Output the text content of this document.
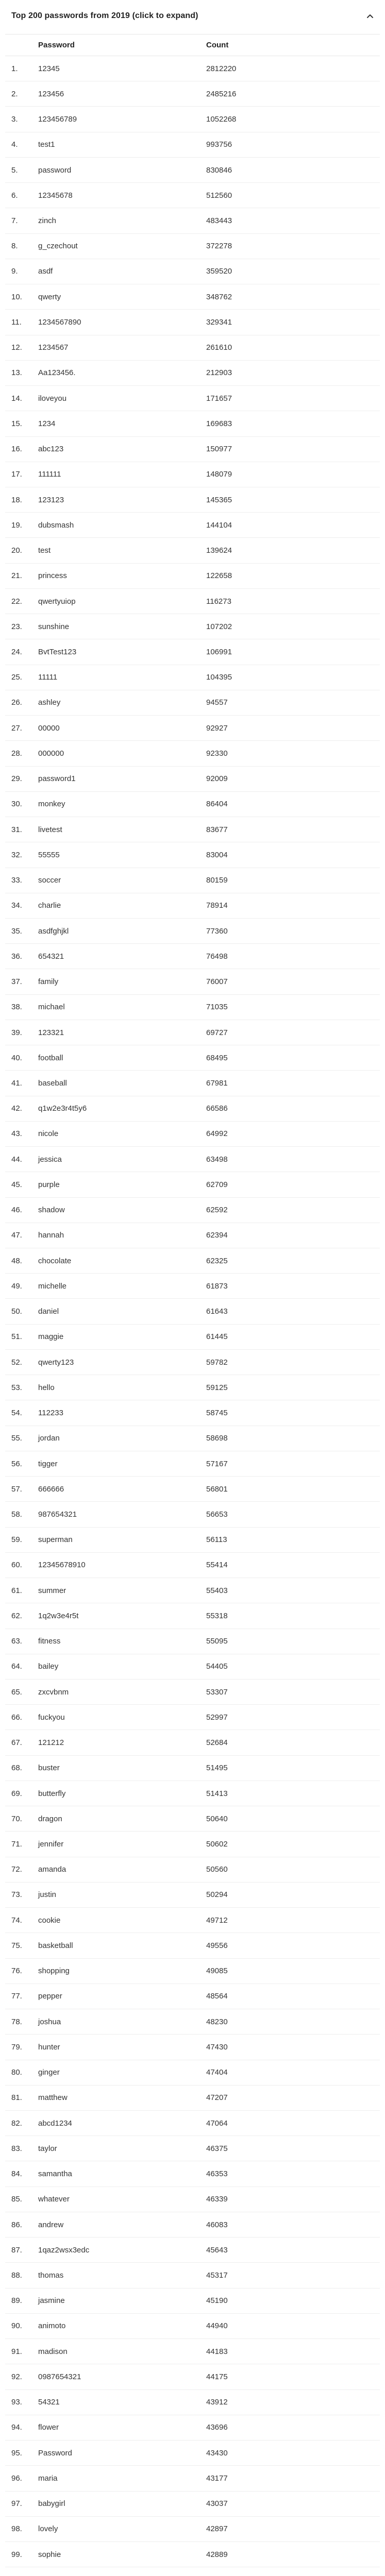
Top 200 passwords from 2019 (click to expand)
Password	Count
1.	12345	2812220
2.	123456	2485216
3.	123456789	1052268
4.	test1	993756
5.	password	830846
6.	12345678	512560
7.	zinch	483443
8.	g_czechout	372278
9.	asdf	359520
10.	qwerty	348762
11.	1234567890	329341
12.	1234567	261610
13.	Aa123456.	212903
14.	iloveyou	171657
15.	1234	169683
16.	abc123	150977
17.	111111	148079
18.	123123	145365
19.	dubsmash	144104
20.	test	139624
21.	princess	122658
22.	qwertyuiop	116273
23.	sunshine	107202
24.	BvtTest123	106991
25.	11111	104395
26.	ashley	94557
27.	00000	92927
28.	000000	92330
29.	password1	92009
30.	monkey	86404
31.	livetest	83677
32.	55555	83004
33.	soccer	80159
34.	charlie	78914
35.	asdfghjkl	77360
36.	654321	76498
37.	family	76007
38.	michael	71035
39.	123321	69727
40.	football	68495
41.	baseball	67981
42.	q1w2e3r4t5y6	66586
43.	nicole	64992
44.	jessica	63498
45.	purple	62709
46.	shadow	62592
47.	hannah	62394
48.	chocolate	62325
49.	michelle	61873
50.	daniel	61643
51.	maggie	61445
52.	qwerty123	59782
53.	hello	59125
54.	112233	58745
55.	jordan	58698
56.	tigger	57167
57.	666666	56801
58.	987654321	56653
59.	superman	56113
60.	12345678910	55414
61.	summer	55403
62.	1q2w3e4r5t	55318
63.	fitness	55095
64.	bailey	54405
65.	zxcvbnm	53307
66.	fuckyou	52997
67.	121212	52684
68.	buster	51495
69.	butterfly	51413
70.	dragon	50640
71.	jennifer	50602
72.	amanda	50560
73.	justin	50294
74.	cookie	49712
75.	basketball	49556
76.	shopping	49085
77.	pepper	48564
78.	joshua	48230
79.	hunter	47430
80.	ginger	47404
81.	matthew	47207
82.	abcd1234	47064
83.	taylor	46375
84.	samantha	46353
85.	whatever	46339
86.	andrew	46083
87.	1qaz2wsx3edc	45643
88.	thomas	45317
89.	jasmine	45190
90.	animoto	44940
91.	madison	44183
92.	0987654321	44175
93.	54321	43912
94.	flower	43696
95.	Password	43430
96.	maria	43177
97.	babygirl	43037
98.	lovely	42897
99.	sophie	42889
